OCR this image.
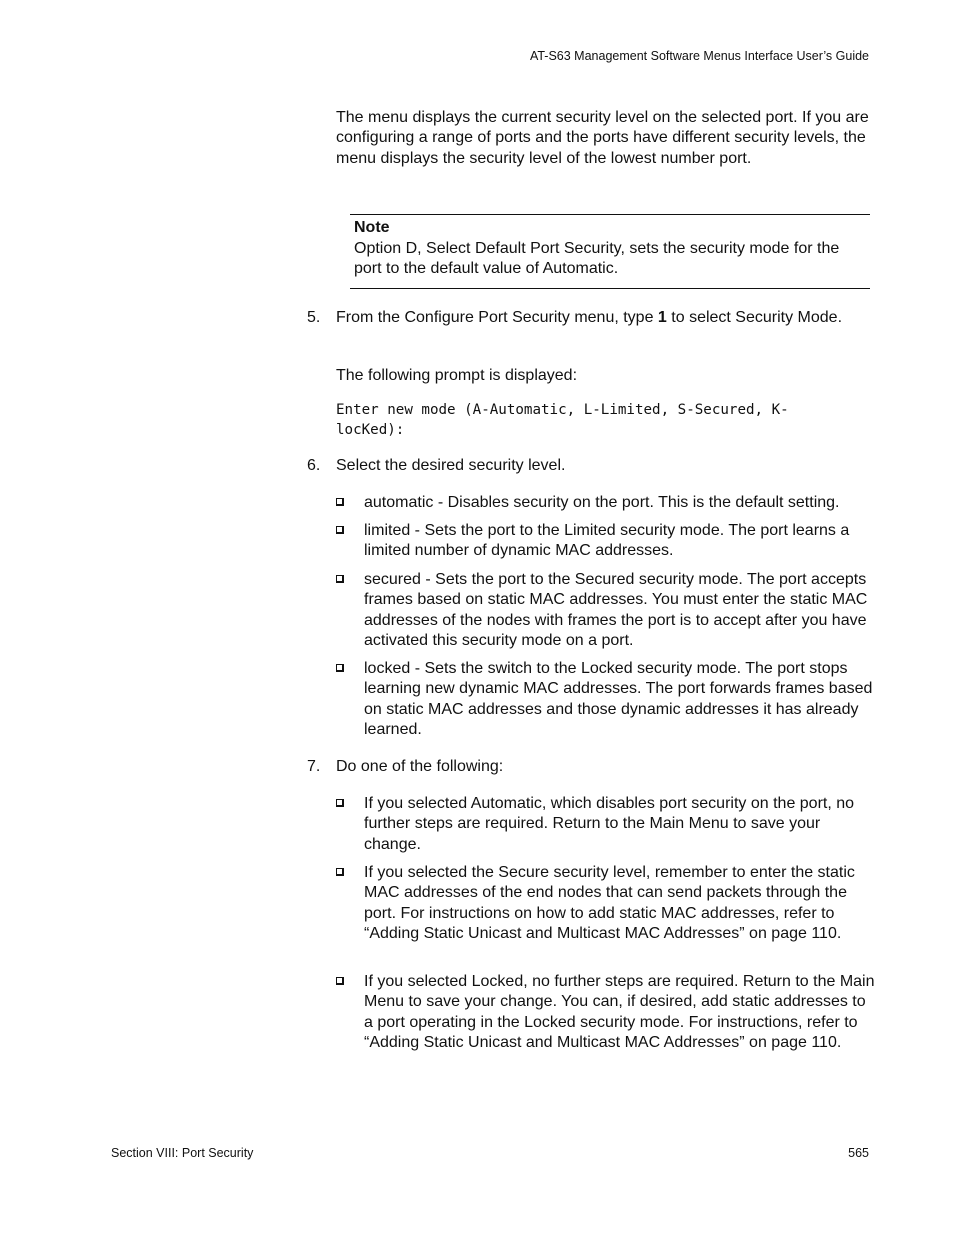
AT-S63 Management Software Menus Interface User’s Guide

The menu displays the current security level on the selected port. If you are configuring a range of ports and the ports have different security levels, the menu displays the security level of the lowest number port.

Note
Option D, Select Default Port Security, sets the security mode for the port to the default value of Automatic.
5. From the Configure Port Security menu, type 1 to select Security Mode.
The following prompt is displayed:
Enter new mode (A-Automatic, L-Limited, S-Secured, K-
locKed):
6. Select the desired security level.
automatic - Disables security on the port. This is the default setting.
limited - Sets the port to the Limited security mode. The port learns a limited number of dynamic MAC addresses.
secured - Sets the port to the Secured security mode. The port accepts frames based on static MAC addresses. You must enter the static MAC addresses of the nodes with frames the port is to accept after you have activated this security mode on a port.
locked - Sets the switch to the Locked security mode. The port stops learning new dynamic MAC addresses. The port forwards frames based on static MAC addresses and those dynamic addresses it has already learned.
7. Do one of the following:
If you selected Automatic, which disables port security on the port, no further steps are required. Return to the Main Menu to save your change.
If you selected the Secure security level, remember to enter the static MAC addresses of the end nodes that can send packets through the port. For instructions on how to add static MAC addresses, refer to “Adding Static Unicast and Multicast MAC Addresses” on page 110.
If you selected Locked, no further steps are required. Return to the Main Menu to save your change. You can, if desired, add static addresses to a port operating in the Locked security mode. For instructions, refer to “Adding Static Unicast and Multicast MAC Addresses” on page 110.
Section VIII: Port Security	565
